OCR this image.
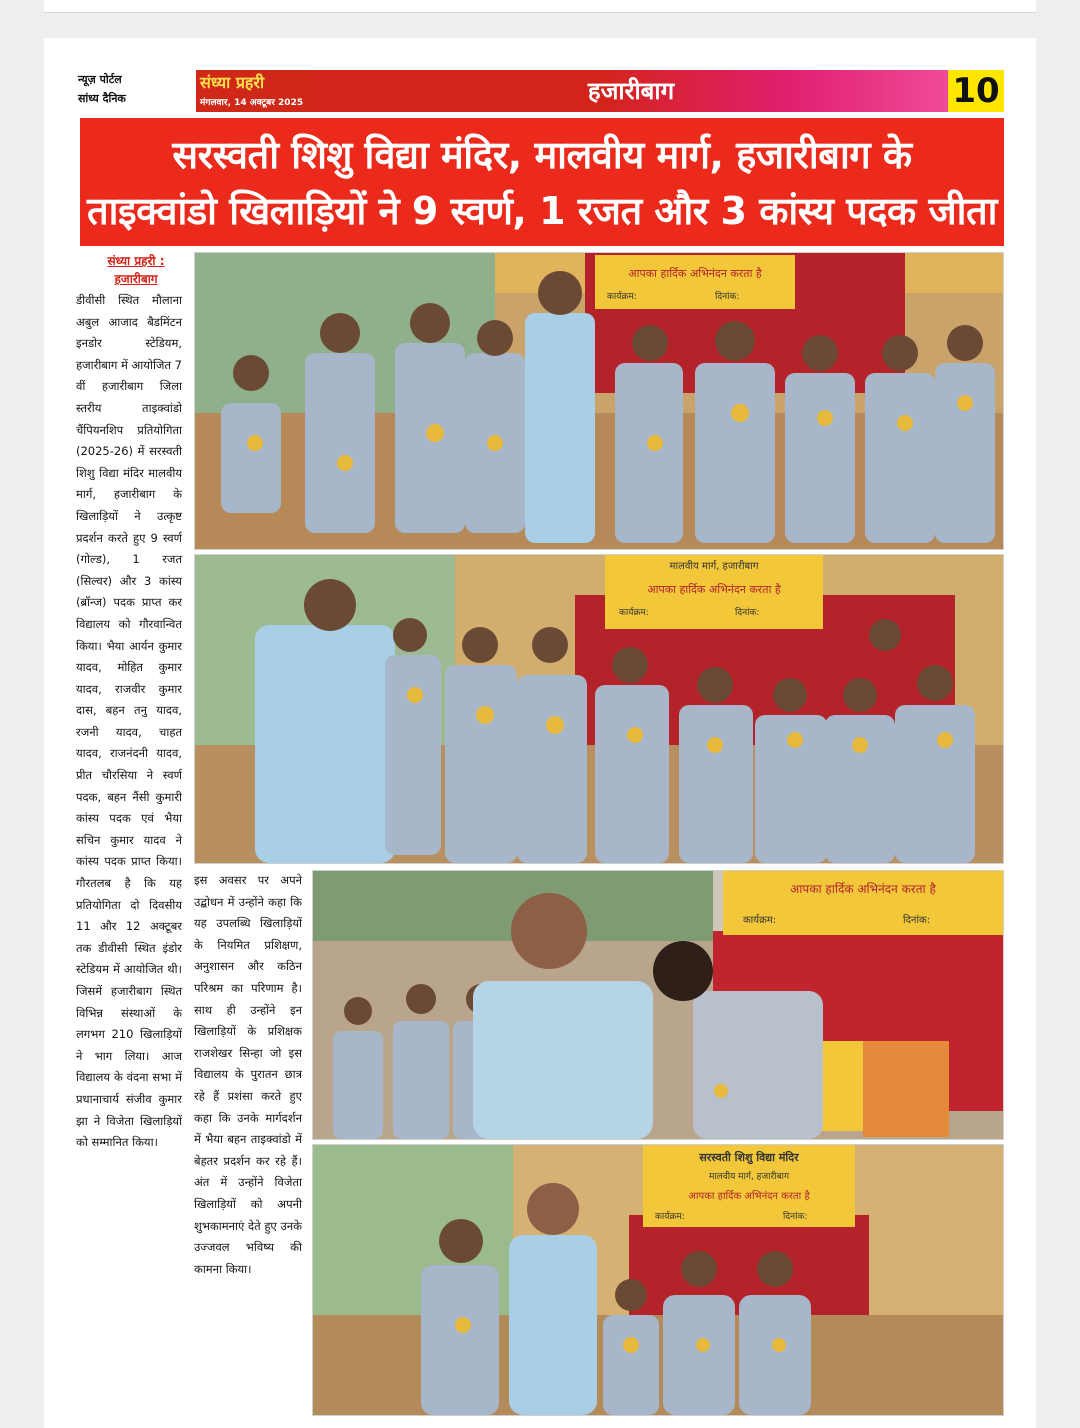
न्यूज़ पोर्टल
सांध्य दैनिक
संध्या प्रहरी
मंगलवार, 14 अक्टूबर 2025	हजारीबाग	10
सरस्वती शिशु विद्या मंदिर, मालवीय मार्ग, हजारीबाग के
ताइक्वांडो खिलाड़ियों ने 9 स्वर्ण, 1 रजत और 3 कांस्य पदक जीता
संध्या प्रहरी :
हजारीबाग
डीवीसी स्थित मौलाना अबुल आजाद बैडमिंटन इनडोर स्टेडियम, हजारीबाग में आयोजित 7 वीं हजारीबाग जिला स्तरीय ताइक्वांडो चैंपियनशिप प्रतियोगिता (2025-26) में सरस्वती शिशु विद्या मंदिर मालवीय मार्ग, हजारीबाग के खिलाड़ियों ने उत्कृष्ट प्रदर्शन करते हुए 9 स्वर्ण (गोल्ड), 1 रजत (सिल्वर) और 3 कांस्य (ब्रॉन्ज) पदक प्राप्त कर विद्यालय को गौरवान्वित किया। भैया आर्यन कुमार यादव, मोहित कुमार यादव, राजवीर कुमार दास, बहन तनु यादव, रजनी यादव, चाहत यादव, राजनंदनी यादव, प्रीत चौरसिया ने स्वर्ण पदक, बहन नैंसी कुमारी कांस्य पदक एवं भैया सचिन कुमार यादव ने कांस्य पदक प्राप्त किया। गौरतलब है कि यह प्रतियोगिता दो दिवसीय 11 और 12 अक्टूबर तक डीवीसी स्थित इंडोर स्टेडियम में आयोजित थी। जिसमें हजारीबाग स्थित विभिन्न संस्थाओं के लगभग 210 खिलाड़ियों ने भाग लिया। आज विद्यालय के वंदना सभा में प्रधानाचार्य संजीव कुमार झा ने विजेता खिलाड़ियों को सम्मानित किया।
इस अवसर पर अपने उद्बोधन में उन्होंने कहा कि यह उपलब्धि खिलाड़ियों के नियमित प्रशिक्षण, अनुशासन और कठिन परिश्रम का परिणाम है। साथ ही उन्होंने इन खिलाड़ियों के प्रशिक्षक राजशेखर सिन्हा जो इस विद्यालय के पुरातन छात्र रहे हैं प्रशंसा करते हुए कहा कि उनके मार्गदर्शन में भैया बहन ताइक्वांडो में बेहतर प्रदर्शन कर रहे हैं। अंत में उन्होंने विजेता खिलाड़ियों को अपनी शुभकामनाएं देते हुए उनके उज्जवल भविष्य की कामना किया।
आपका हार्दिक अभिनंदन करता है
कार्यक्रम:	दिनांक:
मालवीय मार्ग, हजारीबाग
आपका हार्दिक अभिनंदन करता है
कार्यक्रम:	दिनांक:
आपका हार्दिक अभिनंदन करता है
कार्यक्रम:	दिनांक:
सरस्वती शिशु विद्या मंदिर
मालवीय मार्ग, हजारीबाग
आपका हार्दिक अभिनंदन करता है
कार्यक्रम:	दिनांक:
